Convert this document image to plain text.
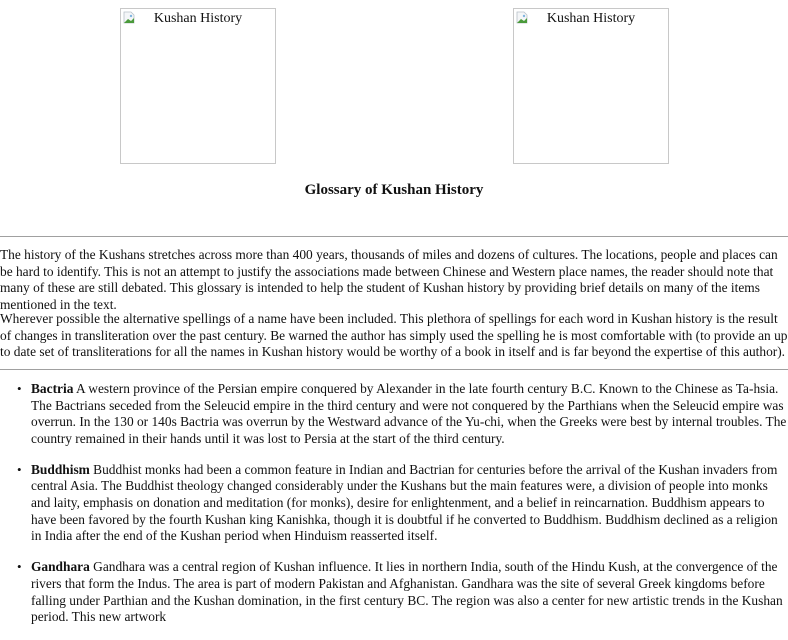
Kushan History	Kushan History
Glossary of Kushan History

The history of the Kushans stretches across more than 400 years, thousands of miles and dozens of cultures. The locations, people and places can be hard to identify. This is not an attempt to justify the associations made between Chinese and Western place names, the reader should note that many of these are still debated. This glossary is intended to help the student of Kushan history by providing brief details on many of the items mentioned in the text.

Wherever possible the alternative spellings of a name have been included. This plethora of spellings for each word in Kushan history is the result of changes in transliteration over the past century. Be warned the author has simply used the spelling he is most comfortable with (to provide an up to date set of transliterations for all the names in Kushan history would be worthy of a book in itself and is far beyond the expertise of this author).

• Bactria A western province of the Persian empire conquered by Alexander in the late fourth century B.C. Known to the Chinese as Ta-hsia. The Bactrians seceded from the Seleucid empire in the third century and were not conquered by the Parthians when the Seleucid empire was overrun. In the 130 or 140s Bactria was overrun by the Westward advance of the Yu-chi, when the Greeks were best by internal troubles. The country remained in their hands until it was lost to Persia at the start of the third century.
• Buddhism Buddhist monks had been a common feature in Indian and Bactrian for centuries before the arrival of the Kushan invaders from central Asia. The Buddhist theology changed considerably under the Kushans but the main features were, a division of people into monks and laity, emphasis on donation and meditation (for monks), desire for enlightenment, and a belief in reincarnation. Buddhism appears to have been favored by the fourth Kushan king Kanishka, though it is doubtful if he converted to Buddhism. Buddhism declined as a religion in India after the end of the Kushan period when Hinduism reasserted itself.
• Gandhara Gandhara was a central region of Kushan influence. It lies in northern India, south of the Hindu Kush, at the convergence of the rivers that form the Indus. The area is part of modern Pakistan and Afghanistan. Gandhara was the site of several Greek kingdoms before falling under Parthian and the Kushan domination, in the first century BC. The region was also a center for new artistic trends in the Kushan period. This new artwork
